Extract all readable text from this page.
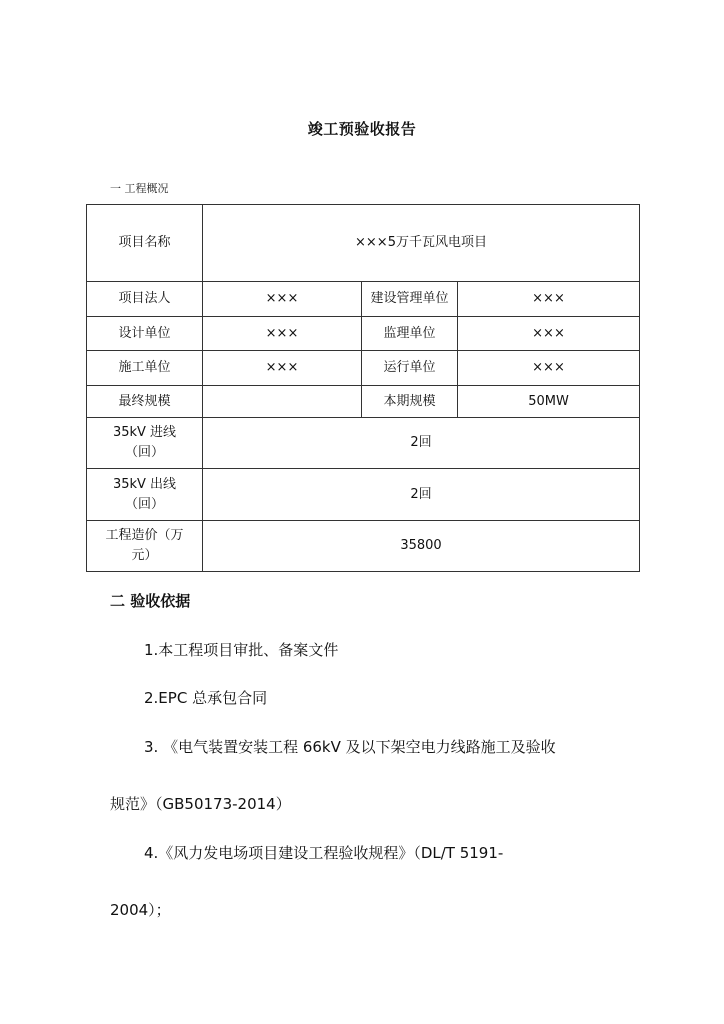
竣工预验收报告
一 工程概况
项目名称	×××5万千瓦风电项目		
项目法人	×××	建设管理单位	×××
设计单位	×××	监理单位	×××
施工单位	×××	运行单位	×××
最终规模		本期规模	50MW

35kV 进线
（回）	2回		

35kV 出线
（回）	2回		

工程造价（万
元）	35800		
二 验收依据
1.本工程项目审批、备案文件
2.EPC 总承包合同
3. 《电气装置安装工程 66kV 及以下架空电力线路施工及验收
规范》（GB50173-2014）
4.《风力发电场项目建设工程验收规程》（DL/T 5191-
2004）；
